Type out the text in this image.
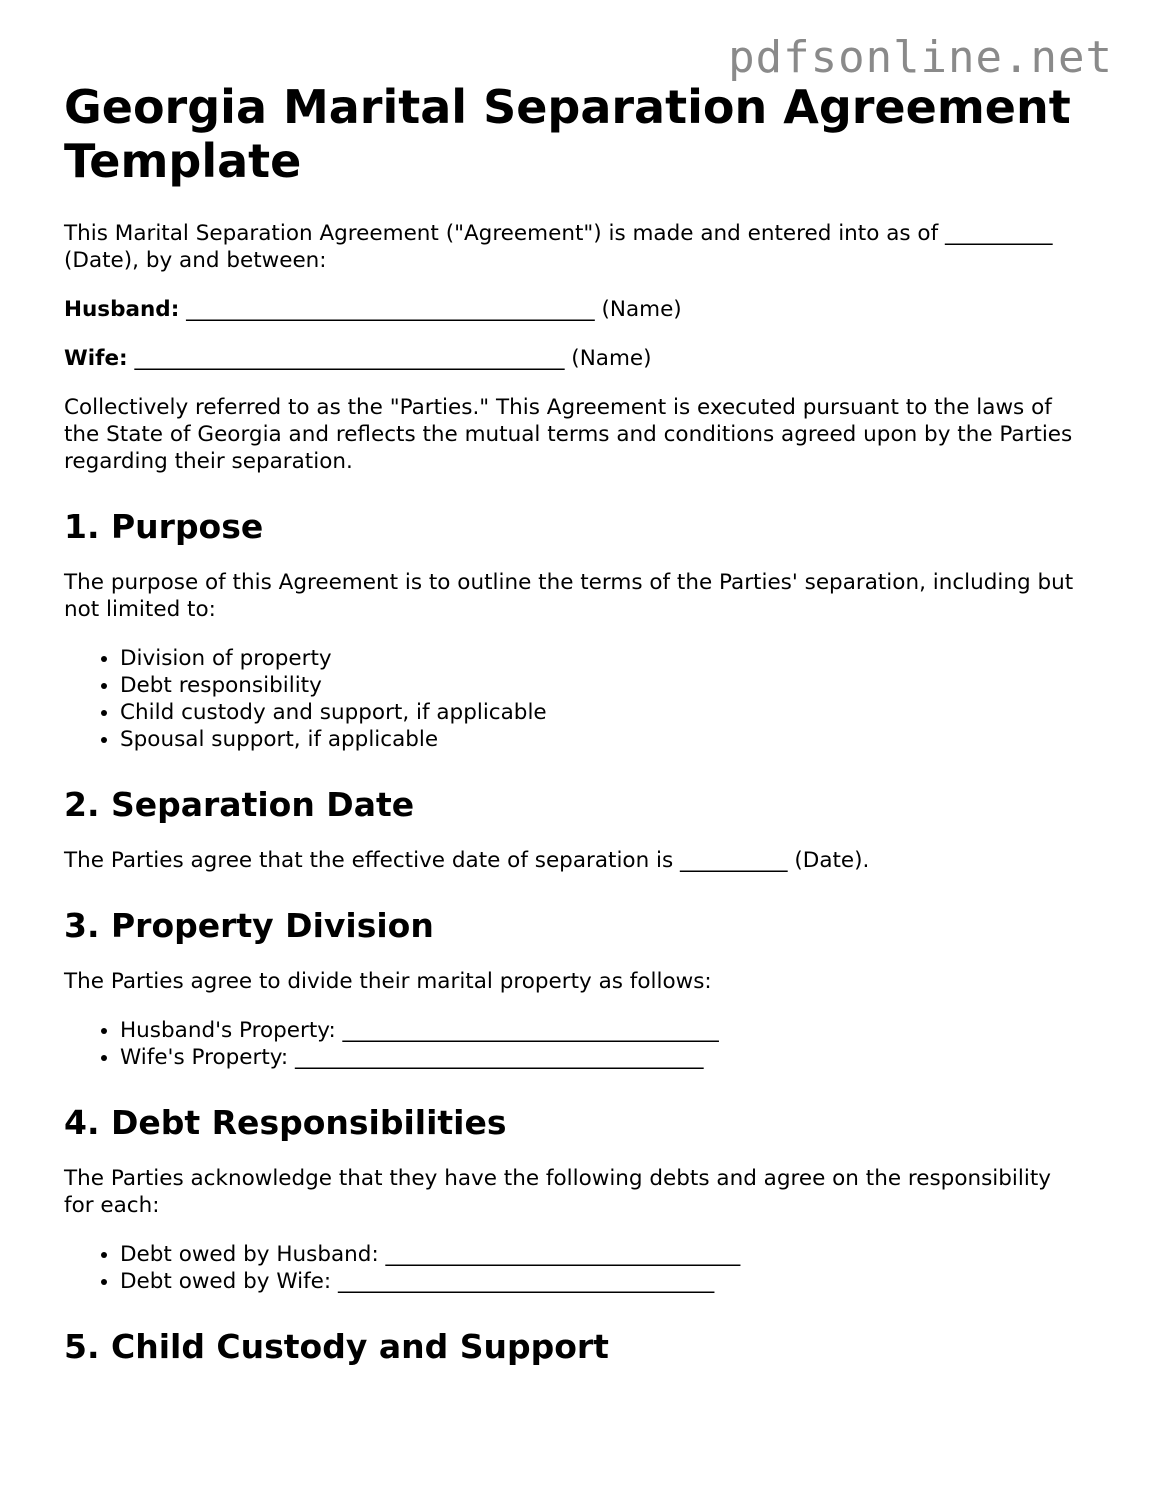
pdfsonline.net
Georgia Marital Separation Agreement Template

This Marital Separation Agreement ("Agreement") is made and entered into as of __________ (Date), by and between:

Husband: ______________________________________ (Name)
Wife: ________________________________________ (Name)

Collectively referred to as the "Parties." This Agreement is executed pursuant to the laws of the State of Georgia and reflects the mutual terms and conditions agreed upon by the Parties regarding their separation.

1. Purpose

The purpose of this Agreement is to outline the terms of the Parties' separation, including but not limited to:

• Division of property
• Debt responsibility
• Child custody and support, if applicable
• Spousal support, if applicable
2. Separation Date

The Parties agree that the effective date of separation is __________ (Date).

3. Property Division

The Parties agree to divide their marital property as follows:

• Husband's Property: ___________________________________
• Wife's Property: ______________________________________
4. Debt Responsibilities

The Parties acknowledge that they have the following debts and agree on the responsibility for each:

• Debt owed by Husband: _________________________________
• Debt owed by Wife: ___________________________________
5. Child Custody and Support
